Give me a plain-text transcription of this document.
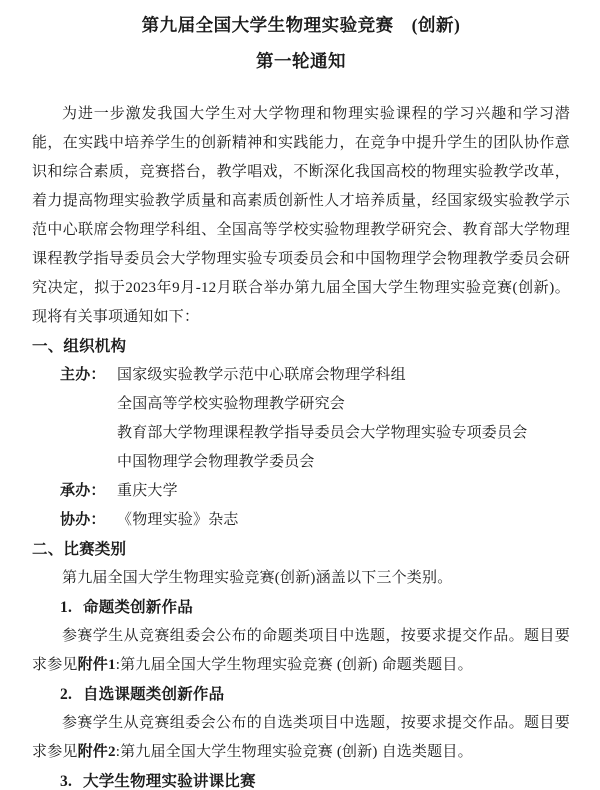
第九届全国大学生物理实验竞赛　(创新)
第一轮通知

为进一步激发我国大学生对大学物理和物理实验课程的学习兴趣和学习潜能，在实践中培养学生的创新精神和实践能力，在竞争中提升学生的团队协作意识和综合素质，竞赛搭台，教学唱戏，不断深化我国高校的物理实验教学改革，着力提高物理实验教学质量和高素质创新性人才培养质量，经国家级实验教学示范中心联席会物理学科组、全国高等学校实验物理教学研究会、教育部大学物理课程教学指导委员会大学物理实验专项委员会和中国物理学会物理教学委员会研究决定，拟于2023年9月-12月联合举办第九届全国大学生物理实验竞赛(创新)。现将有关事项通知如下：

一、组织机构
主办： 国家级实验教学示范中心联席会物理学科组
全国高等学校实验物理教学研究会
教育部大学物理课程教学指导委员会大学物理实验专项委员会
中国物理学会物理教学委员会
承办： 重庆大学
协办： 《物理实验》杂志
二、比赛类别

第九届全国大学生物理实验竞赛(创新)涵盖以下三个类别。

1. 命题类创新作品

参赛学生从竞赛组委会公布的命题类项目中选题，按要求提交作品。题目要求参见附件1:第九届全国大学生物理实验竞赛 (创新) 命题类题目。

2. 自选课题类创新作品

参赛学生从竞赛组委会公布的自选类项目中选题，按要求提交作品。题目要求参见附件2:第九届全国大学生物理实验竞赛 (创新) 自选类题目。

3. 大学生物理实验讲课比赛
